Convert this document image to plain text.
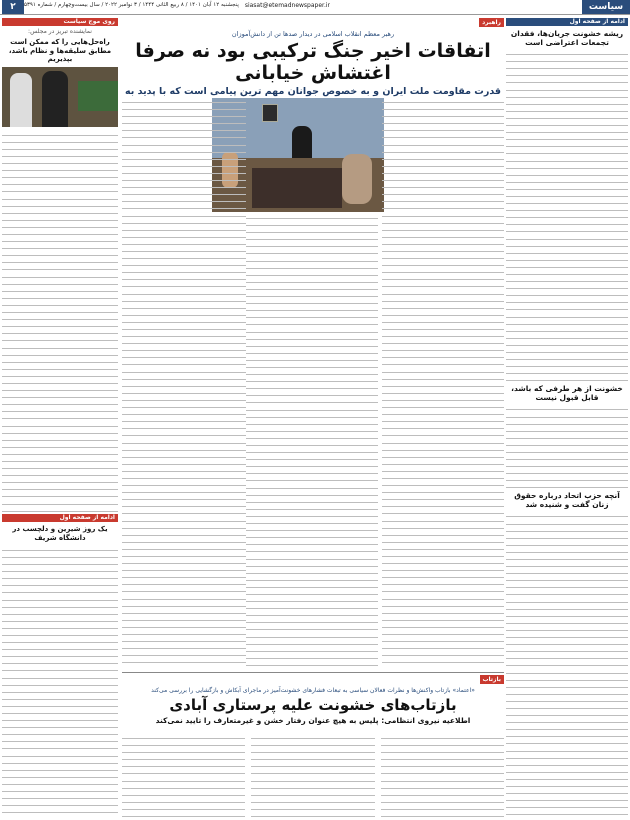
سیاست
siasat@etemadnewspaper.ir
پنجشنبه ۱۲ آبان ۱۴۰۱ / ۸ ربیع الثانی ۱۴۴۴ / ۳ نوامبر ۲۰۲۲ / سال بیست‌وچهارم / شماره ۵۳۹۱
۲
ادامه از صفحه اول
ریشه خشونت جریان‌ها، فقدان تجمعات اعتراضی است
خشونت از هر طرفی که باشد، قابل قبول نیست
آنچه حزب اتحاد درباره حقوق زنان گفت و شنیده شد
روی موج سیاست
نمایشنده تبریز در مجلس:
راه‌حل‌هایی را که ممکن است مطابق سلیقه‌ها و نظام باشد، بپذیریم
ادامه از صفحه اول
یک روز شیرین و دلچسب در دانشگاه شریف
راهبرد
رهبر معظم انقلاب اسلامی در دیدار صدها تن از دانش‌آموزان
اتفاقات اخیر جنگ ترکیبی بود نه صرفا اغتشاش خیابانی
قدرت مقاومت ملت ایران و به خصوص جوانان مهم ترین پیامی است که با پدید به
بازتاب
«اعتماد» بازتاب واکنش‌ها و نظرات فعالان سیاسی به تبعات فشارهای خشونت‌آمیز در ماجرای آبکاش و بازگشایی را بررسی می‌کند
بازتاب‌های خشونت علیه پرستاری آبادی
اطلاعیه نیروی انتظامی: پلیس به هیچ عنوان رفتار خشن و غیرمتعارف را تایید نمی‌کند
